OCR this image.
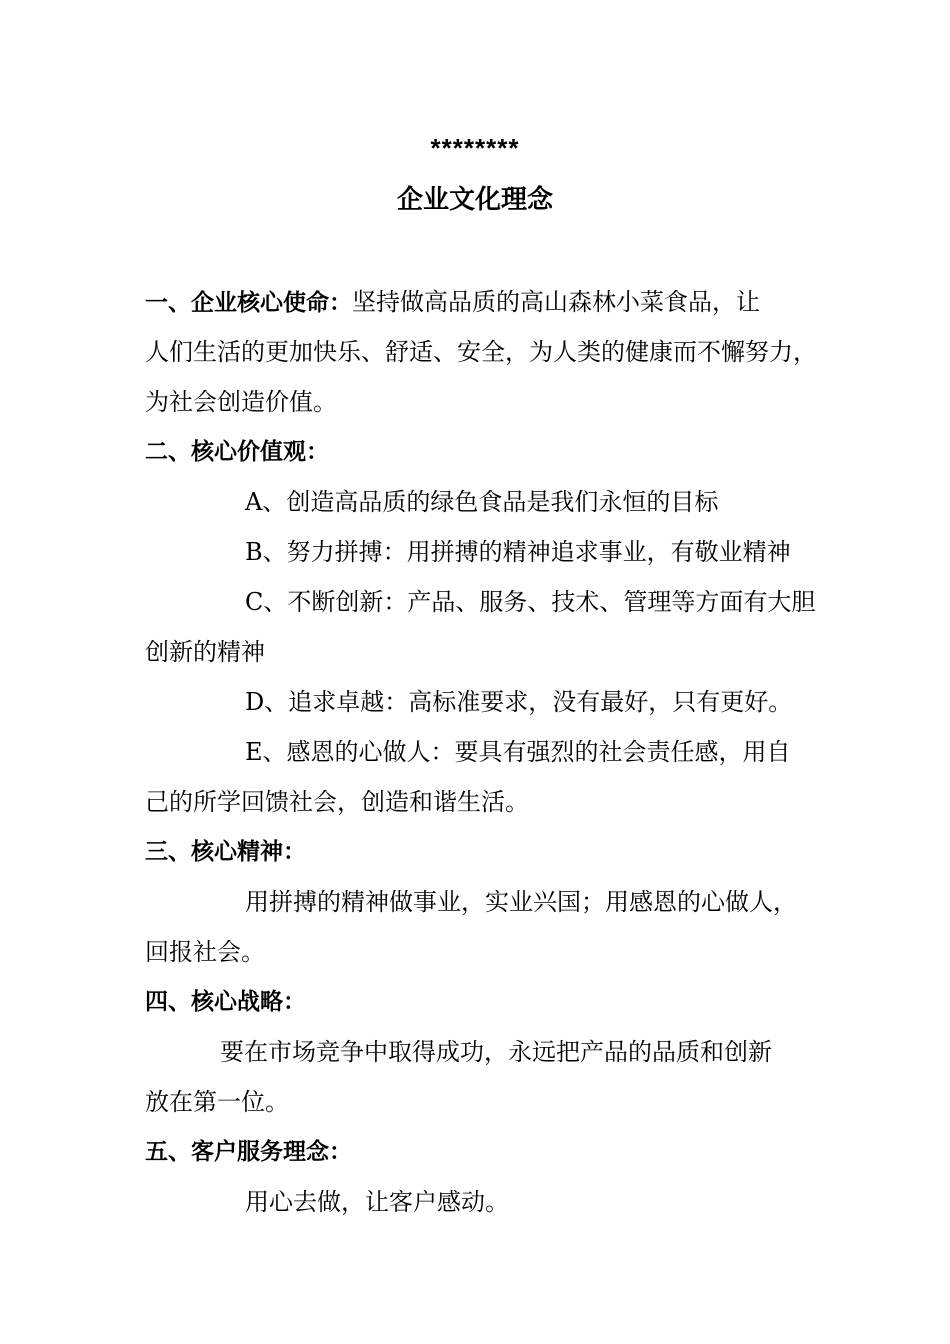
********
企业文化理念
一、企业核心使命：坚持做高品质的高山森林小菜食品，让
人们生活的更加快乐、舒适、安全，为人类的健康而不懈努力，
为社会创造价值。
二、核心价值观：
A、创造高品质的绿色食品是我们永恒的目标
B、努力拼搏：用拼搏的精神追求事业，有敬业精神
C、不断创新：产品、服务、技术、管理等方面有大胆
创新的精神
D、追求卓越：高标准要求，没有最好，只有更好。
E、感恩的心做人：要具有强烈的社会责任感，用自
己的所学回馈社会，创造和谐生活。
三、核心精神：
用拼搏的精神做事业，实业兴国；用感恩的心做人，
回报社会。
四、核心战略：
要在市场竞争中取得成功，永远把产品的品质和创新
放在第一位。
五、客户服务理念：
用心去做，让客户感动。
